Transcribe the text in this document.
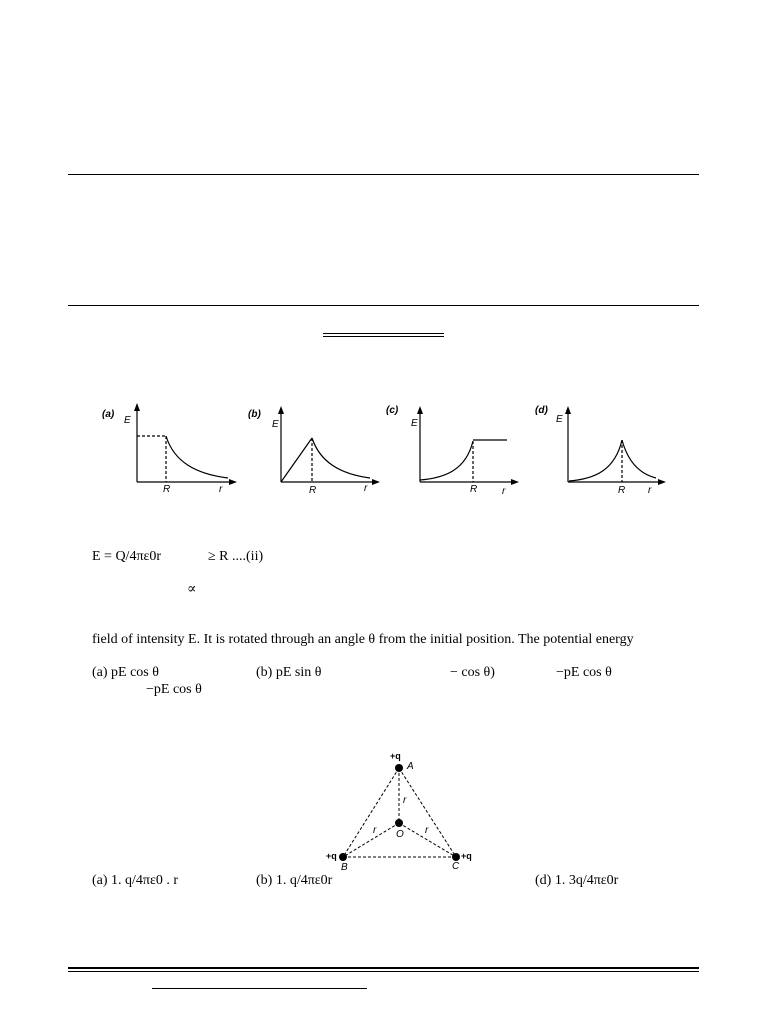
(a)
E
R	r
(b)
E
R	r
(c)
E
R r
(d)
E
R r
E = Q/4πε0r	≥ R ....(ii)
∝
field of intensity E. It is rotated through an angle θ from the initial position. The potential energy
(a) pE cos θ	(b) pE sin θ	− cos θ)	−pE cos θ
−pE cos θ
+q
A
+q
B
+q
C
O
r
r	r
(a) 1. q/4πε0 . r	(b) 1. q/4πε0r	(d) 1. 3q/4πε0r
